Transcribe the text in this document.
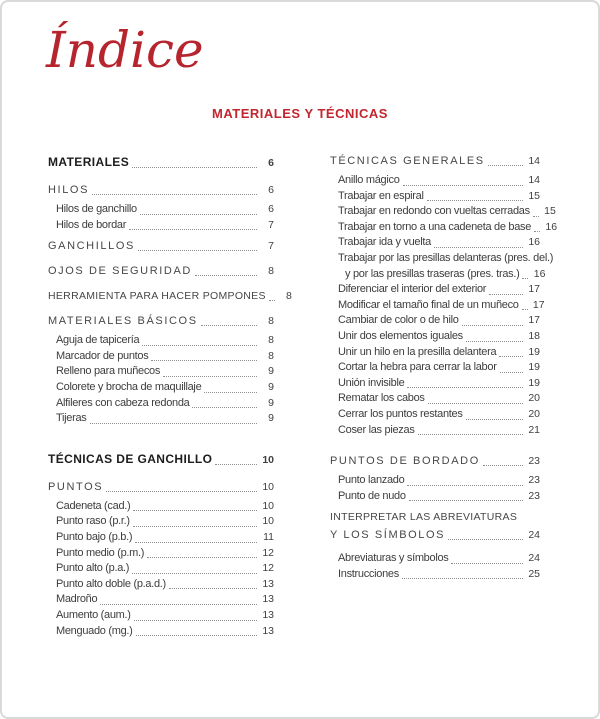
Índice
MATERIALES Y TÉCNICAS
MATERIALES	6
HILOS	6
Hilos de ganchillo	6
Hilos de bordar	7
GANCHILLOS	7
OJOS DE SEGURIDAD	8
HERRAMIENTA PARA HACER POMPONES	8
MATERIALES BÁSICOS	8
Aguja de tapicería	8
Marcador de puntos	8
Relleno para muñecos	9
Colorete y brocha de maquillaje	9
Alfileres con cabeza redonda	9
Tijeras	9
TÉCNICAS DE GANCHILLO	10
PUNTOS	10
Cadeneta (cad.)	10
Punto raso (p.r.)	10
Punto bajo (p.b.)	11
Punto medio (p.m.)	12
Punto alto (p.a.)	12
Punto alto doble (p.a.d.)	13
Madroño	13
Aumento (aum.)	13
Menguado (mg.)	13
TÉCNICAS GENERALES	14
Anillo mágico	14
Trabajar en espiral	15
Trabajar en redondo con vueltas cerradas 15
Trabajar en torno a una cadeneta de base 16
Trabajar ida y vuelta	16
Trabajar por las presillas delanteras (pres. del.)
y por las presillas traseras (pres. tras.) 16
Diferenciar el interior del exterior	17
Modificar el tamaño final de un muñeco 17
Cambiar de color o de hilo	17
Unir dos elementos iguales	18
Unir un hilo en la presilla delantera	19
Cortar la hebra para cerrar la labor	19
Unión invisible	19
Rematar los cabos	20
Cerrar los puntos restantes	20
Coser las piezas	21
PUNTOS DE BORDADO	23
Punto lanzado	23
Punto de nudo	23
INTERPRETAR LAS ABREVIATURAS
Y LOS SÍMBOLOS	24
Abreviaturas y símbolos	24
Instrucciones	25
